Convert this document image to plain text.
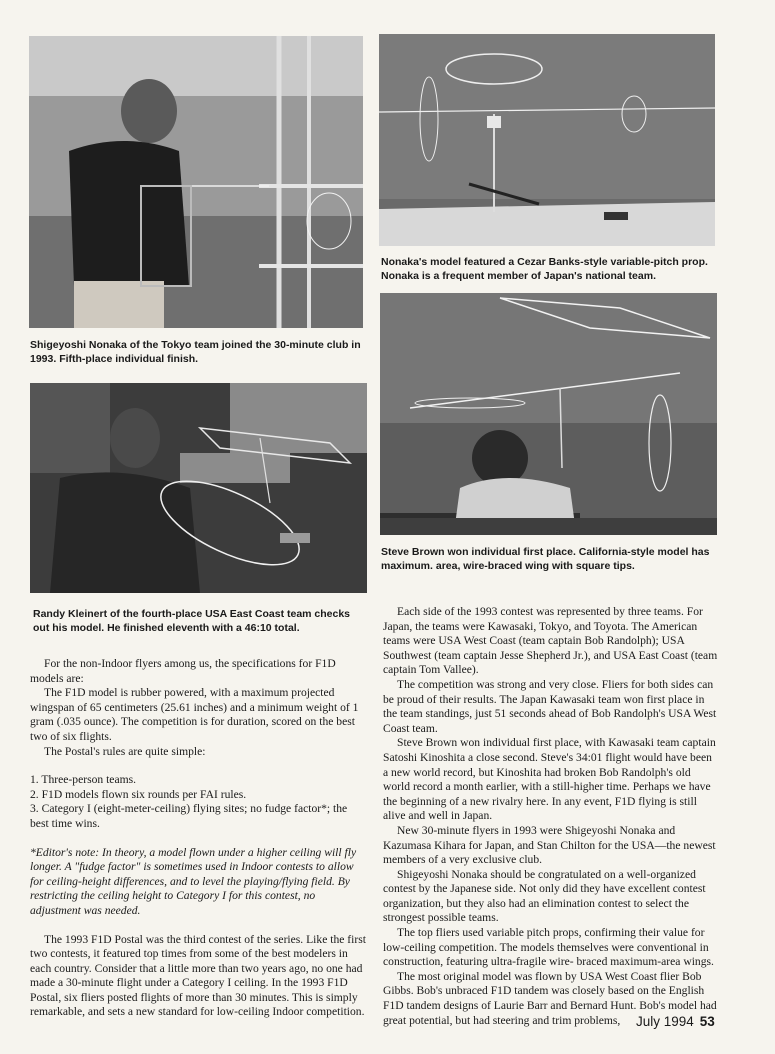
Shigeyoshi Nonaka of the Tokyo team joined the 30-minute club in 1993. Fifth-place individual finish.

Nonaka's model featured a Cezar Banks-style variable-pitch prop. Nonaka is a frequent member of Japan's national team.

Randy Kleinert of the fourth-place USA East Coast team checks out his model. He finished eleventh with a 46:10 total.

Steve Brown won individual first place. California-style model has maximum. area, wire-braced wing with square tips.

For the non-Indoor flyers among us, the specifications for F1D models are:

The F1D model is rubber powered, with a maximum projected wingspan of 65 centimeters (25.61 inches) and a minimum weight of 1 gram (.035 ounce). The competition is for duration, scored on the best two of six flights.

The Postal's rules are quite simple:

1. Three-person teams.
2. F1D models flown six rounds per FAI rules.
3. Category I (eight-meter-ceiling) flying sites; no fudge factor*; the best time wins.

*Editor's note: In theory, a model flown under a higher ceiling will fly longer. A "fudge factor" is sometimes used in Indoor contests to allow for ceiling-height differences, and to level the playing/flying field. By restricting the ceiling height to Category I for this contest, no adjustment was needed.

The 1993 F1D Postal was the third contest of the series. Like the first two contests, it featured top times from some of the best modelers in each country. Consider that a little more than two years ago, no one had made a 30-minute flight under a Category I ceiling. In the 1993 F1D Postal, six fliers posted flights of more than 30 minutes. This is simply remarkable, and sets a new standard for low-ceiling Indoor competition.

Each side of the 1993 contest was represented by three teams. For Japan, the teams were Kawasaki, Tokyo, and Toyota. The American teams were USA West Coast (team captain Bob Randolph); USA Southwest (team captain Jesse Shepherd Jr.), and USA East Coast (team captain Tom Vallee).

The competition was strong and very close. Fliers for both sides can be proud of their results. The Japan Kawasaki team won first place in the team standings, just 51 seconds ahead of Bob Randolph's USA West Coast team.

Steve Brown won individual first place, with Kawasaki team captain Satoshi Kinoshita a close second. Steve's 34:01 flight would have been a new world record, but Kinoshita had broken Bob Randolph's old world record a month earlier, with a still-higher time. Perhaps we have the beginning of a new rivalry here. In any event, F1D flying is still alive and well in Japan.

New 30-minute flyers in 1993 were Shigeyoshi Nonaka and Kazumasa Kihara for Japan, and Stan Chilton for the USA—the newest members of a very exclusive club.

Shigeyoshi Nonaka should be congratulated on a well-organized contest by the Japanese side. Not only did they have excellent contest organization, but they also had an elimination contest to select the strongest possible teams.

The top fliers used variable pitch props, confirming their value for low-ceiling competition. The models themselves were conventional in construction, featuring ultra-fragile wire- braced maximum-area wings.

The most original model was flown by USA West Coast flier Bob Gibbs. Bob's unbraced F1D tandem was closely based on the English F1D tandem designs of Laurie Barr and Bernard Hunt. Bob's model had great potential, but had steering and trim problems,	July 1994 53
